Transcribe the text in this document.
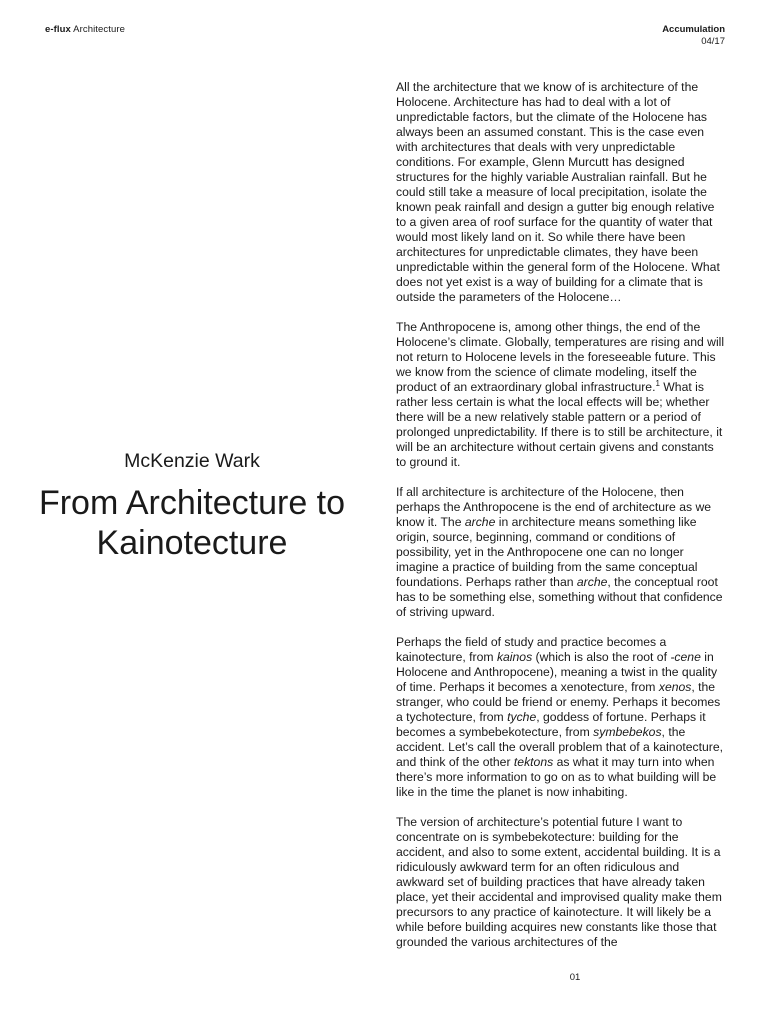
e-flux Architecture	Accumulation
04/17
McKenzie Wark
From Architecture to Kainotecture

All the architecture that we know of is architecture of the Holocene. Architecture has had to deal with a lot of unpredictable factors, but the climate of the Holocene has always been an assumed constant. This is the case even with architectures that deals with very unpredictable conditions. For example, Glenn Murcutt has designed structures for the highly variable Australian rainfall. But he could still take a measure of local precipitation, isolate the known peak rainfall and design a gutter big enough relative to a given area of roof surface for the quantity of water that would most likely land on it. So while there have been architectures for unpredictable climates, they have been unpredictable within the general form of the Holocene. What does not yet exist is a way of building for a climate that is outside the parameters of the Holocene…

The Anthropocene is, among other things, the end of the Holocene’s climate. Globally, temperatures are rising and will not return to Holocene levels in the foreseeable future. This we know from the science of climate modeling, itself the product of an extraordinary global infrastructure.$^1$ What is rather less certain is what the local effects will be; whether there will be a new relatively stable pattern or a period of prolonged unpredictability. If there is to still be architecture, it will be an architecture without certain givens and constants to ground it.

If all architecture is architecture of the Holocene, then perhaps the Anthropocene is the end of architecture as we know it. The arche in architecture means something like origin, source, beginning, command or conditions of possibility, yet in the Anthropocene one can no longer imagine a practice of building from the same conceptual foundations. Perhaps rather than arche, the conceptual root has to be something else, something without that confidence of striving upward.

Perhaps the field of study and practice becomes a kainotecture, from kainos (which is also the root of -cene in Holocene and Anthropocene), meaning a twist in the quality of time. Perhaps it becomes a xenotecture, from xenos, the stranger, who could be friend or enemy. Perhaps it becomes a tychotecture, from tyche, goddess of fortune. Perhaps it becomes a symbebekotecture, from symbebekos, the accident. Let’s call the overall problem that of a kainotecture, and think of the other tektons as what it may turn into when there’s more information to go on as to what building will be like in the time the planet is now inhabiting.

The version of architecture’s potential future I want to concentrate on is symbebekotecture: building for the accident, and also to some extent, accidental building. It is a ridiculously awkward term for an often ridiculous and awkward set of building practices that have already taken place, yet their accidental and improvised quality make them precursors to any practice of kainotecture. It will likely be a while before building acquires new constants like those that grounded the various architectures of the

01
